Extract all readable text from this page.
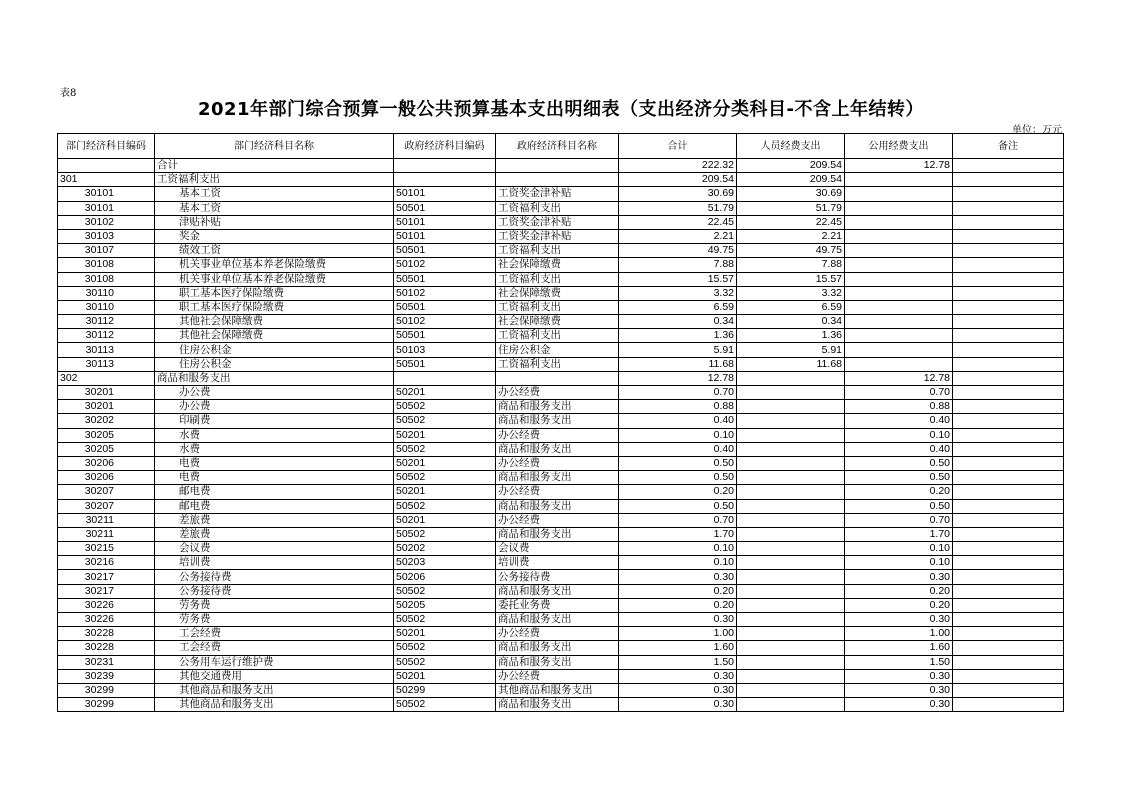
表8
2021年部门综合预算一般公共预算基本支出明细表（支出经济分类科目-不含上年结转）
单位：万元
部门经济科目编码	部门经济科目名称	政府经济科目编码	政府经济科目名称	合计	人员经费支出	公用经费支出	备注
	合计			222.32	209.54	12.78	
301	工资福利支出			209.54	209.54		
30101	基本工资	50101	工资奖金津补贴	30.69	30.69		
30101	基本工资	50501	工资福利支出	51.79	51.79		
30102	津贴补贴	50101	工资奖金津补贴	22.45	22.45		
30103	奖金	50101	工资奖金津补贴	2.21	2.21		
30107	绩效工资	50501	工资福利支出	49.75	49.75		
30108	机关事业单位基本养老保险缴费	50102	社会保障缴费	7.88	7.88		
30108	机关事业单位基本养老保险缴费	50501	工资福利支出	15.57	15.57		
30110	职工基本医疗保险缴费	50102	社会保障缴费	3.32	3.32		
30110	职工基本医疗保险缴费	50501	工资福利支出	6.59	6.59		
30112	其他社会保障缴费	50102	社会保障缴费	0.34	0.34		
30112	其他社会保障缴费	50501	工资福利支出	1.36	1.36		
30113	住房公积金	50103	住房公积金	5.91	5.91		
30113	住房公积金	50501	工资福利支出	11.68	11.68		
302	商品和服务支出			12.78		12.78	
30201	办公费	50201	办公经费	0.70		0.70	
30201	办公费	50502	商品和服务支出	0.88		0.88	
30202	印刷费	50502	商品和服务支出	0.40		0.40	
30205	水费	50201	办公经费	0.10		0.10	
30205	水费	50502	商品和服务支出	0.40		0.40	
30206	电费	50201	办公经费	0.50		0.50	
30206	电费	50502	商品和服务支出	0.50		0.50	
30207	邮电费	50201	办公经费	0.20		0.20	
30207	邮电费	50502	商品和服务支出	0.50		0.50	
30211	差旅费	50201	办公经费	0.70		0.70	
30211	差旅费	50502	商品和服务支出	1.70		1.70	
30215	会议费	50202	会议费	0.10		0.10	
30216	培训费	50203	培训费	0.10		0.10	
30217	公务接待费	50206	公务接待费	0.30		0.30	
30217	公务接待费	50502	商品和服务支出	0.20		0.20	
30226	劳务费	50205	委托业务费	0.20		0.20	
30226	劳务费	50502	商品和服务支出	0.30		0.30	
30228	工会经费	50201	办公经费	1.00		1.00	
30228	工会经费	50502	商品和服务支出	1.60		1.60	
30231	公务用车运行维护费	50502	商品和服务支出	1.50		1.50	
30239	其他交通费用	50201	办公经费	0.30		0.30	
30299	其他商品和服务支出	50299	其他商品和服务支出	0.30		0.30	
30299	其他商品和服务支出	50502	商品和服务支出	0.30		0.30	
